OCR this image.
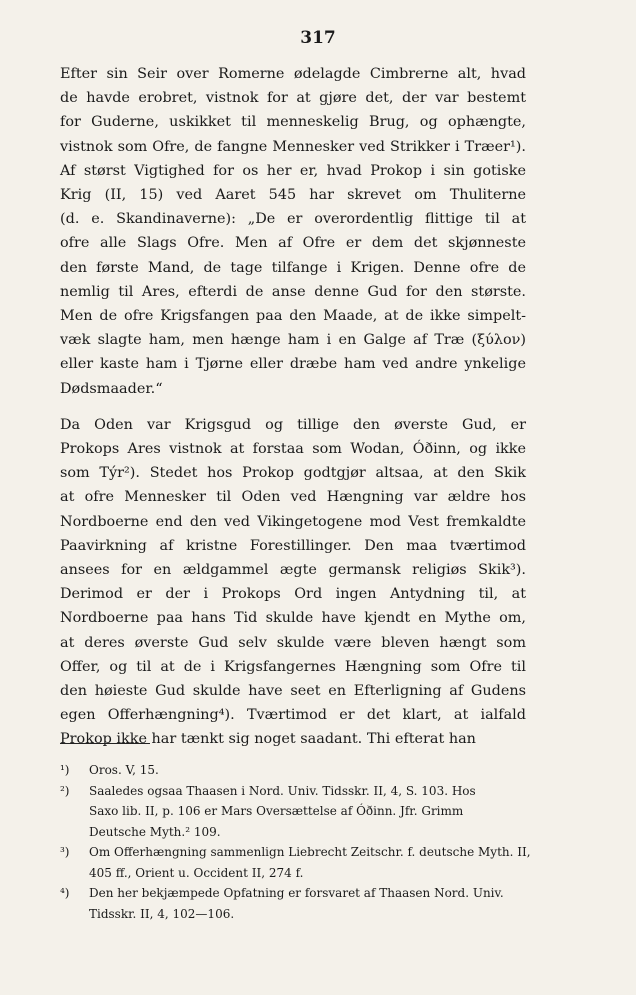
317
Efter sin Seir over Romerne ødelagde Cimbrerne alt, hvad
de havde erobret, vistnok for at gjøre det, der var bestemt
for Guderne, uskikket til menneskelig Brug, og ophængte,
vistnok som Ofre, de fangne Mennesker ved Strikker i Træer¹).
Af størst Vigtighed for os her er, hvad Prokop i sin gotiske
Krig (II, 15) ved Aaret 545 har skrevet om Thuliterne
(d. e. Skandinaverne): „De er overordentlig flittige til at
ofre alle Slags Ofre. Men af Ofre er dem det skjønneste
den første Mand, de tage tilfange i Krigen. Denne ofre de
nemlig til Ares, efterdi de anse denne Gud for den største.
Men de ofre Krigsfangen paa den Maade, at de ikke simpelt-
væk slagte ham, men hænge ham i en Galge af Træ (ξύλον)
eller kaste ham i Tjørne eller dræbe ham ved andre ynkelige
Dødsmaader.“
Da Oden var Krigsgud og tillige den øverste Gud, er
Prokops Ares vistnok at forstaa som Wodan, Óðinn, og ikke
som Týr²). Stedet hos Prokop godtgjør altsaa, at den Skik
at ofre Mennesker til Oden ved Hængning var ældre hos
Nordboerne end den ved Vikingetogene mod Vest fremkaldte
Paavirkning af kristne Forestillinger. Den maa tværtimod
ansees for en ældgammel ægte germansk religiøs Skik³).
Derimod er der i Prokops Ord ingen Antydning til, at
Nordboerne paa hans Tid skulde have kjendt en Mythe om,
at deres øverste Gud selv skulde være bleven hængt som
Offer, og til at de i Krigsfangernes Hængning som Ofre til
den høieste Gud skulde have seet en Efterligning af Gudens
egen Offerhængning⁴). Tværtimod er det klart, at ialfald
Prokop ikke har tænkt sig noget saadant. Thi efterat han
¹)	Oros. V, 15.
²)	Saaledes ogsaa Thaasen i Nord. Univ. Tidsskr. II, 4, S. 103. Hos
Saxo lib. II, p. 106 er Mars Oversættelse af Óðinn. Jfr. Grimm
Deutsche Myth.² 109.
³)	Om Offerhængning sammenlign Liebrecht Zeitschr. f. deutsche Myth. II,
405 ff., Orient u. Occident II, 274 f.
⁴)	Den her bekjæmpede Opfatning er forsvaret af Thaasen Nord. Univ.
Tidsskr. II, 4, 102—106.
